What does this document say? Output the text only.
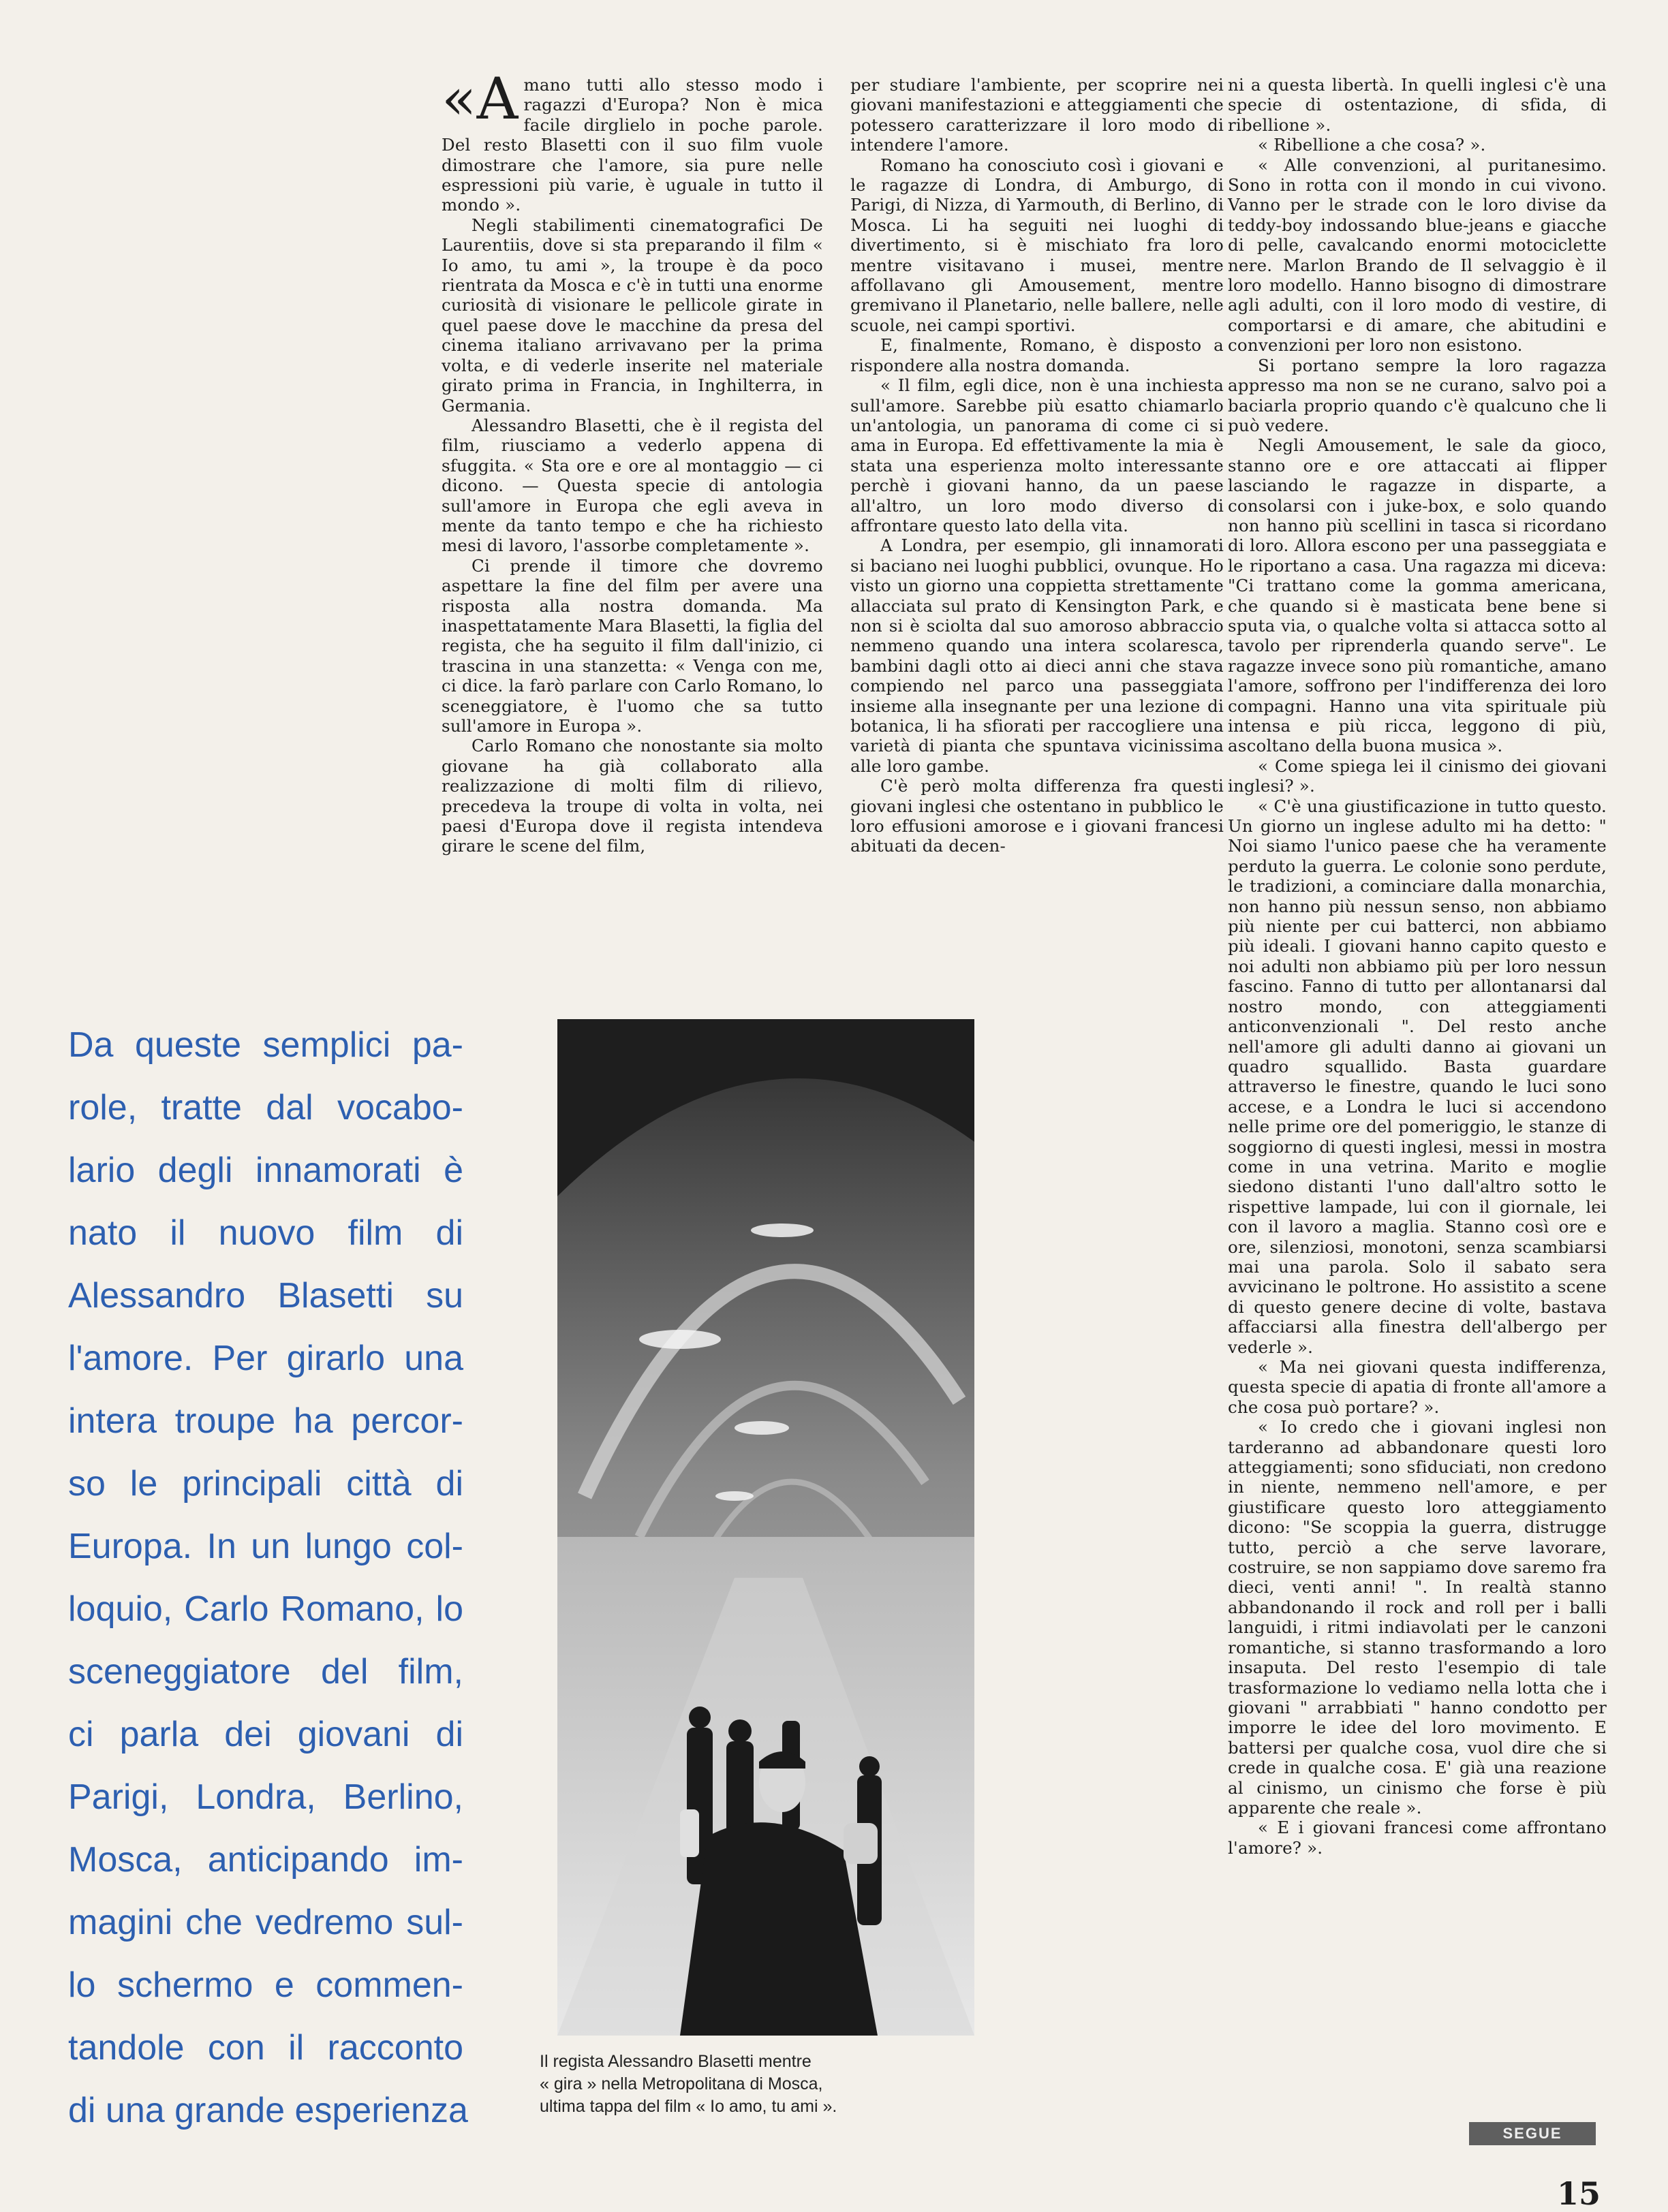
«Amano tutti allo stesso modo i ragazzi d'Europa? Non è mica facile dirglielo in poche parole. Del resto Blasetti con il suo film vuole dimostrare che l'amore, sia pure nelle espressioni più varie, è uguale in tutto il mondo ».

Negli stabilimenti cinematografici De Laurentiis, dove si sta preparando il film « Io amo, tu ami », la troupe è da poco rientrata da Mosca e c'è in tutti una enorme curiosità di visionare le pellicole girate in quel paese dove le macchine da presa del cinema italiano arrivavano per la prima volta, e di vederle inserite nel materiale girato prima in Francia, in Inghilterra, in Germania.

Alessandro Blasetti, che è il regista del film, riusciamo a vederlo appena di sfuggita. « Sta ore e ore al montaggio — ci dicono. — Questa specie di antologia sull'amore in Europa che egli aveva in mente da tanto tempo e che ha richiesto mesi di lavoro, l'assorbe completamente ».

Ci prende il timore che dovremo aspettare la fine del film per avere una risposta alla nostra domanda. Ma inaspettatamente Mara Blasetti, la figlia del regista, che ha seguito il film dall'inizio, ci trascina in una stanzetta: « Venga con me, ci dice. la farò parlare con Carlo Romano, lo sceneggiatore, è l'uomo che sa tutto sull'amore in Europa ».

Carlo Romano che nonostante sia molto giovane ha già collaborato alla realizzazione di molti film di rilievo, precedeva la troupe di volta in volta, nei paesi d'Europa dove il regista intendeva girare le scene del film,

per studiare l'ambiente, per scoprire nei giovani manifestazioni e atteggiamenti che potessero caratterizzare il loro modo di intendere l'amore.

Romano ha conosciuto così i giovani e le ragazze di Londra, di Amburgo, di Parigi, di Nizza, di Yarmouth, di Berlino, di Mosca. Li ha seguiti nei luoghi di divertimento, si è mischiato fra loro mentre visitavano i musei, mentre affollavano gli Amousement, mentre gremivano il Planetario, nelle ballere, nelle scuole, nei campi sportivi.

E, finalmente, Romano, è disposto a rispondere alla nostra domanda.

« Il film, egli dice, non è una inchiesta sull'amore. Sarebbe più esatto chiamarlo un'antologia, un panorama di come ci si ama in Europa. Ed effettivamente la mia è stata una esperienza molto interessante perchè i giovani hanno, da un paese all'altro, un loro modo diverso di affrontare questo lato della vita.

A Londra, per esempio, gli innamorati si baciano nei luoghi pubblici, ovunque. Ho visto un giorno una coppietta strettamente allacciata sul prato di Kensington Park, e non si è sciolta dal suo amoroso abbraccio nemmeno quando una intera scolaresca, bambini dagli otto ai dieci anni che stava compiendo nel parco una passeggiata insieme alla insegnante per una lezione di botanica, li ha sfiorati per raccogliere una varietà di pianta che spuntava vicinissima alle loro gambe.

C'è però molta differenza fra questi giovani inglesi che ostentano in pubblico le loro effusioni amorose e i giovani francesi abituati da decen-

ni a questa libertà. In quelli inglesi c'è una specie di ostentazione, di sfida, di ribellione ».

« Ribellione a che cosa? ».

« Alle convenzioni, al puritanesimo. Sono in rotta con il mondo in cui vivono. Vanno per le strade con le loro divise da teddy-boy indossando blue-jeans e giacche di pelle, cavalcando enormi motociclette nere. Marlon Brando de Il selvaggio è il loro modello. Hanno bisogno di dimostrare agli adulti, con il loro modo di vestire, di comportarsi e di amare, che abitudini e convenzioni per loro non esistono.

Si portano sempre la loro ragazza appresso ma non se ne curano, salvo poi a baciarla proprio quando c'è qualcuno che li può vedere.

Negli Amousement, le sale da gioco, stanno ore e ore attaccati ai flipper lasciando le ragazze in disparte, a consolarsi con i juke-box, e solo quando non hanno più scellini in tasca si ricordano di loro. Allora escono per una passeggiata e le riportano a casa. Una ragazza mi diceva: "Ci trattano come la gomma americana, che quando si è masticata bene bene si sputa via, o qualche volta si attacca sotto al tavolo per riprenderla quando serve". Le ragazze invece sono più romantiche, amano l'amore, soffrono per l'indifferenza dei loro compagni. Hanno una vita spirituale più intensa e più ricca, leggono di più, ascoltano della buona musica ».

« Come spiega lei il cinismo dei giovani inglesi? ».

« C'è una giustificazione in tutto questo. Un giorno un inglese adulto mi ha detto: " Noi siamo l'unico paese che ha veramente perduto la guerra. Le colonie sono perdute, le tradizioni, a cominciare dalla monarchia, non hanno più nessun senso, non abbiamo più niente per cui batterci, non abbiamo più ideali. I giovani hanno capito questo e noi adulti non abbiamo più per loro nessun fascino. Fanno di tutto per allontanarsi dal nostro mondo, con atteggiamenti anticonvenzionali ". Del resto anche nell'amore gli adulti danno ai giovani un quadro squallido. Basta guardare attraverso le finestre, quando le luci sono accese, e a Londra le luci si accendono nelle prime ore del pomeriggio, le stanze di soggiorno di questi inglesi, messi in mostra come in una vetrina. Marito e moglie siedono distanti l'uno dall'altro sotto le rispettive lampade, lui con il giornale, lei con il lavoro a maglia. Stanno così ore e ore, silenziosi, monotoni, senza scambiarsi mai una parola. Solo il sabato sera avvicinano le poltrone. Ho assistito a scene di questo genere decine di volte, bastava affacciarsi alla finestra dell'albergo per vederle ».

« Ma nei giovani questa indifferenza, questa specie di apatia di fronte all'amore a che cosa può portare? ».

« Io credo che i giovani inglesi non tarderanno ad abbandonare questi loro atteggiamenti; sono sfiduciati, non credono in niente, nemmeno nell'amore, e per giustificare questo loro atteggiamento dicono: "Se scoppia la guerra, distrugge tutto, perciò a che serve lavorare, costruire, se non sappiamo dove saremo fra dieci, venti anni! ". In realtà stanno abbandonando il rock and roll per i balli languidi, i ritmi indiavolati per le canzoni romantiche, si stanno trasformando a loro insaputa. Del resto l'esempio di tale trasformazione lo vediamo nella lotta che i giovani " arrabbiati " hanno condotto per imporre le idee del loro movimento. E battersi per qualche cosa, vuol dire che si crede in qualche cosa. E' già una reazione al cinismo, un cinismo che forse è più apparente che reale ».

« E i giovani francesi come affrontano l'amore? ».

Da queste semplici pa-
role, tratte dal vocabo-
lario degli innamorati è
nato il nuovo film di
Alessandro Blasetti su
l'amore. Per girarlo una
intera troupe ha percor-
so le principali città di
Europa. In un lungo col-
loquio, Carlo Romano, lo
sceneggiatore del film,
ci parla dei giovani di
Parigi, Londra, Berlino,
Mosca, anticipando im-
magini che vedremo sul-
lo schermo e commen-
tandole con il racconto
di una grande esperienza
Il regista Alessandro Blasetti mentre
« gira » nella Metropolitana di Mosca,
ultima tappa del film « Io amo, tu ami ».
SEGUE
15
